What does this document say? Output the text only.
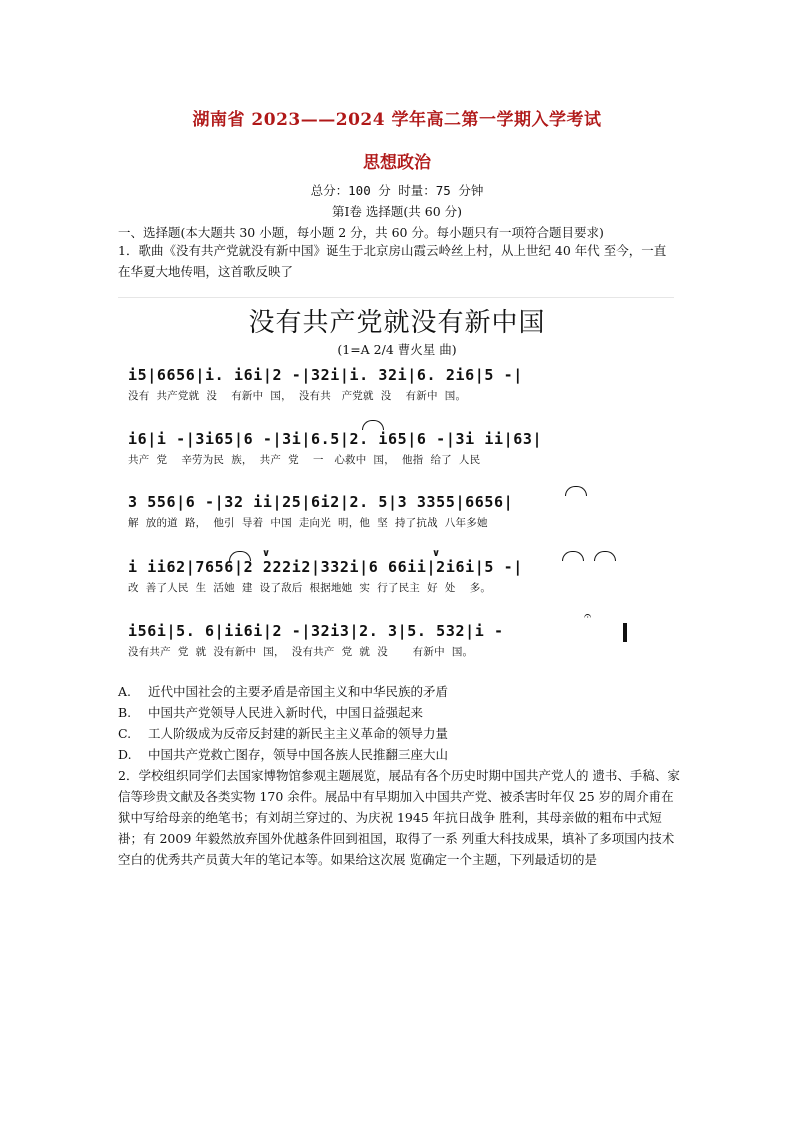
湖南省 2023——2024 学年高二第一学期入学考试
思想政治
总分：100 分 时量：75 分钟
第Ⅰ卷 选择题(共 60 分)
一、选择题(本大题共 30 小题，每小题 2 分，共 60 分。每小题只有一项符合题目要求)
1．歌曲《没有共产党就没有新中国》诞生于北京房山霞云岭丝上村，从上世纪 40 年代 至今，一直在华夏大地传唱，这首歌反映了
没有共产党就没有新中国
(1=A 2/4 曹火星 曲)
i5|6656|i. i6i|2 -|32i|i. 32i|6. 2i6|5 -|
没有  共产党就  没    有新中  国，  没有共   产党就  没    有新中  国。
i6|i -|3i65|6 -|3i|6.5|2. i65|6 -|3i ii|63|
共产  党    辛劳为民  族，  共产  党    一   心救中  国，  他指  给了  人民
3 556|6 -|32 ii|25|6i2|2. 5|3 3355|6656|
解  放的道  路，  他引  导着  中国  走向光  明，他  坚  持了抗战  八年多她
i ii62|7656|2 222i2|332i|6 66ii|2i6i|5 -|
改  善了人民  生  活她  建  设了敌后  根据地她  实  行了民主  好  处    多。
i56i|5. 6|ii6i|2 -|32i3|2. 3|5. 532|i -
没有共产  党  就  没有新中  国，  没有共产  党  就  没       有新中  国。
∨	∨
𝄐
A.	近代中国社会的主要矛盾是帝国主义和中华民族的矛盾
B.	中国共产党领导人民进入新时代，中国日益强起来
C.	工人阶级成为反帝反封建的新民主主义革命的领导力量
D.	中国共产党救亡图存，领导中国各族人民推翻三座大山
2．学校组织同学们去国家博物馆参观主题展览，展品有各个历史时期中国共产党人的 遗书、手稿、家信等珍贵文献及各类实物 170 余件。展品中有早期加入中国共产党、被杀害时年仅 25 岁的周介甫在狱中写给母亲的绝笔书；有刘胡兰穿过的、为庆祝 1945 年抗日战争 胜利，其母亲做的粗布中式短褂；有 2009 年毅然放弃国外优越条件回到祖国，取得了一系 列重大科技成果，填补了多项国内技术空白的优秀共产员黄大年的笔记本等。如果给这次展 览确定一个主题，下列最适切的是
